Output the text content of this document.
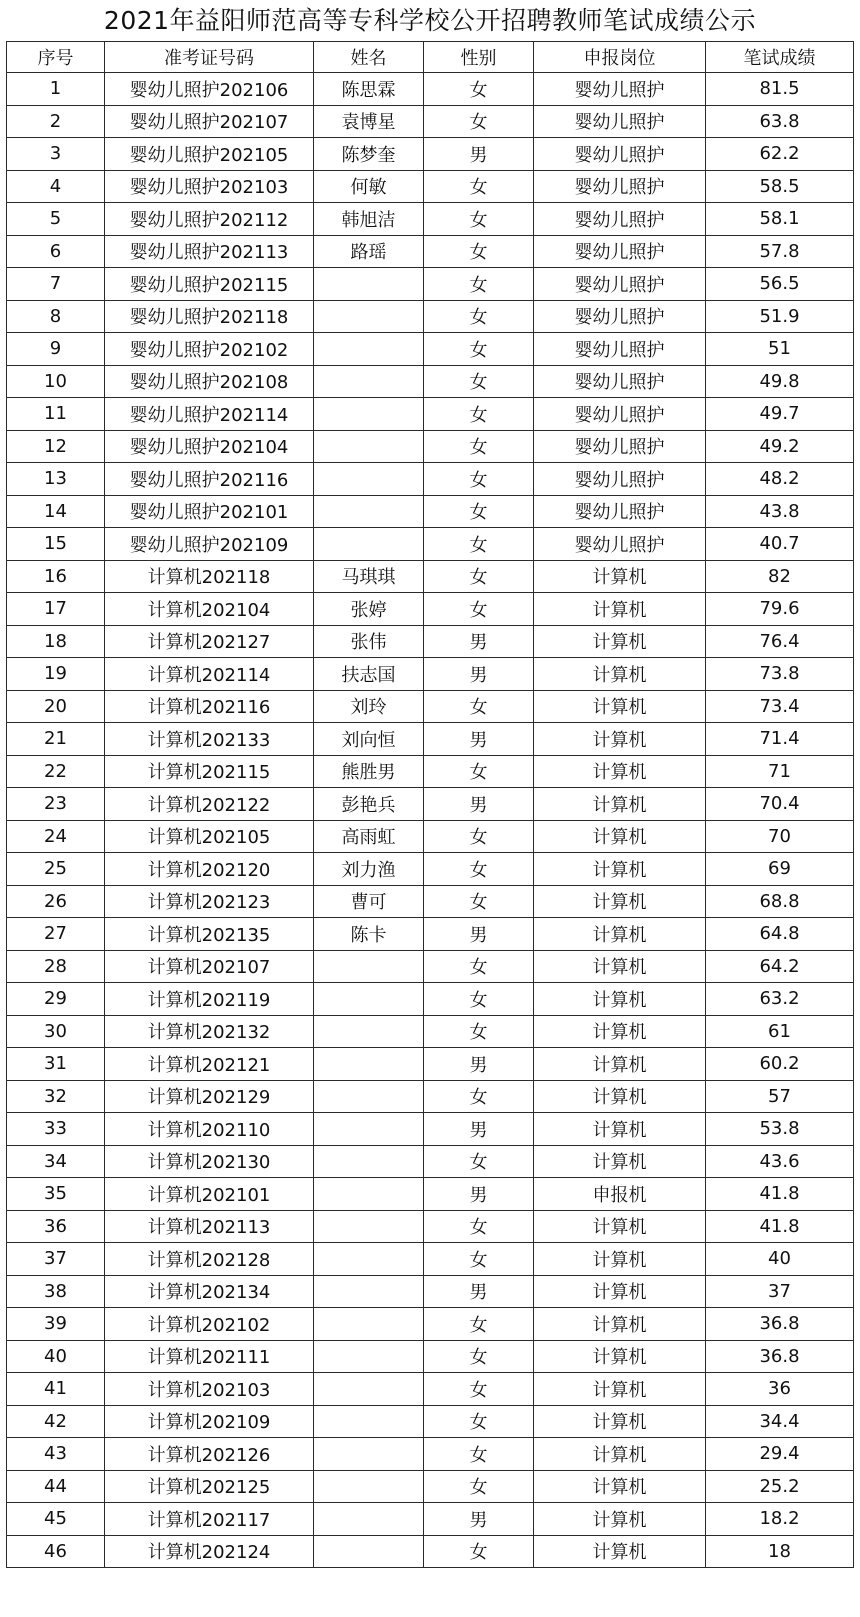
2021年益阳师范高等专科学校公开招聘教师笔试成绩公示
序号	准考证号码	姓名	性别	申报岗位	笔试成绩
1	婴幼儿照护202106	陈思霖	女	婴幼儿照护	81.5
2	婴幼儿照护202107	袁博星	女	婴幼儿照护	63.8
3	婴幼儿照护202105	陈梦奎	男	婴幼儿照护	62.2
4	婴幼儿照护202103	何敏	女	婴幼儿照护	58.5
5	婴幼儿照护202112	韩旭洁	女	婴幼儿照护	58.1
6	婴幼儿照护202113	路瑶	女	婴幼儿照护	57.8
7	婴幼儿照护202115		女	婴幼儿照护	56.5
8	婴幼儿照护202118		女	婴幼儿照护	51.9
9	婴幼儿照护202102		女	婴幼儿照护	51
10	婴幼儿照护202108		女	婴幼儿照护	49.8
11	婴幼儿照护202114		女	婴幼儿照护	49.7
12	婴幼儿照护202104		女	婴幼儿照护	49.2
13	婴幼儿照护202116		女	婴幼儿照护	48.2
14	婴幼儿照护202101		女	婴幼儿照护	43.8
15	婴幼儿照护202109		女	婴幼儿照护	40.7
16	计算机202118	马琪琪	女	计算机	82
17	计算机202104	张婷	女	计算机	79.6
18	计算机202127	张伟	男	计算机	76.4
19	计算机202114	扶志国	男	计算机	73.8
20	计算机202116	刘玲	女	计算机	73.4
21	计算机202133	刘向恒	男	计算机	71.4
22	计算机202115	熊胜男	女	计算机	71
23	计算机202122	彭艳兵	男	计算机	70.4
24	计算机202105	高雨虹	女	计算机	70
25	计算机202120	刘力渔	女	计算机	69
26	计算机202123	曹可	女	计算机	68.8
27	计算机202135	陈卡	男	计算机	64.8
28	计算机202107		女	计算机	64.2
29	计算机202119		女	计算机	63.2
30	计算机202132		女	计算机	61
31	计算机202121		男	计算机	60.2
32	计算机202129		女	计算机	57
33	计算机202110		男	计算机	53.8
34	计算机202130		女	计算机	43.6
35	计算机202101		男	申报机	41.8
36	计算机202113		女	计算机	41.8
37	计算机202128		女	计算机	40
38	计算机202134		男	计算机	37
39	计算机202102		女	计算机	36.8
40	计算机202111		女	计算机	36.8
41	计算机202103		女	计算机	36
42	计算机202109		女	计算机	34.4
43	计算机202126		女	计算机	29.4
44	计算机202125		女	计算机	25.2
45	计算机202117		男	计算机	18.2
46	计算机202124		女	计算机	18
